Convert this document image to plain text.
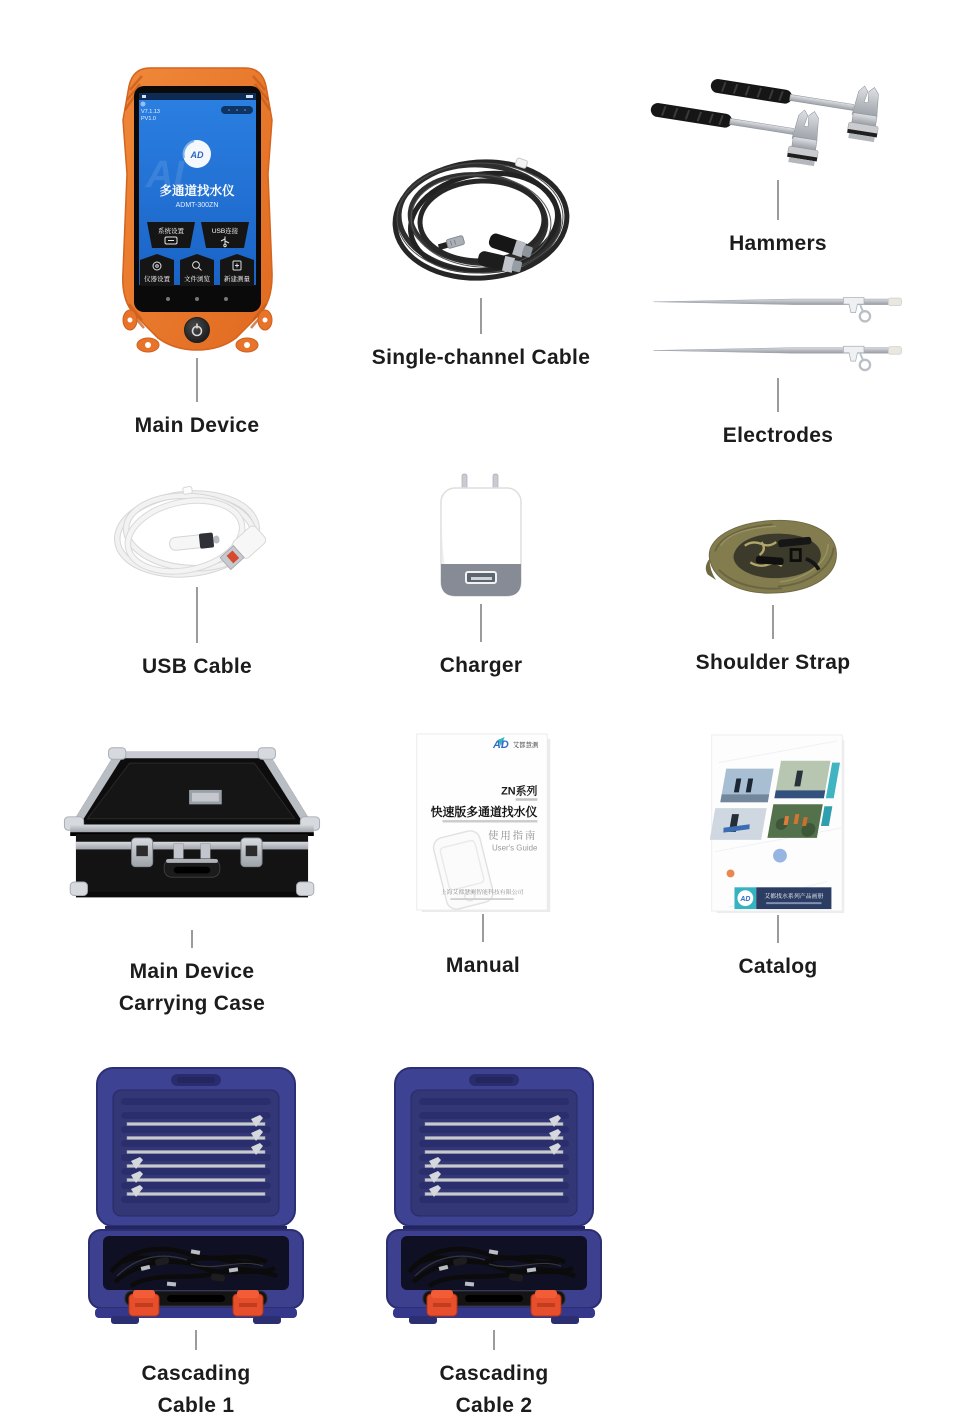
V7.1.13
PV1.0
AI AD
多通道找水仪
ADMT-300ZN
系统设置	USB连接
仪器设置 文件浏览 新建测量
Main Device
Single-channel Cable
Hammers
Electrodes
USB Cable	Charger	Shoulder Strap
Main Device
Carrying Case
AD 艾都慧测
ZN系列
快速版多通道找水仪
使用指南
User's Guide
上海艾都慧测智能科技有限公司
Manual
AD 艾都找水系列产品画册
Catalog
Cascading
Cable 1
Cascading
Cable 2
